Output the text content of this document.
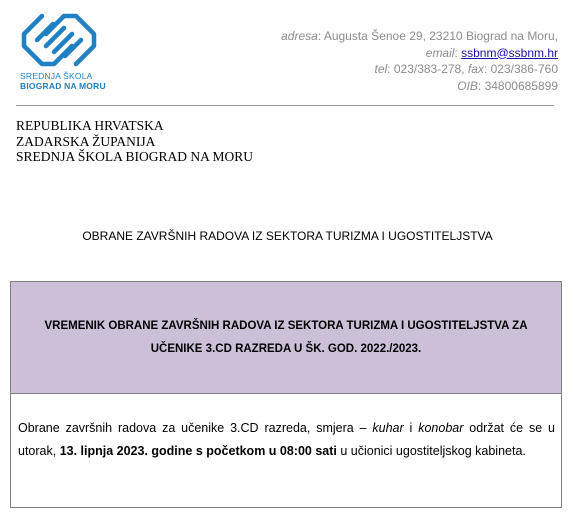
SREDNJA ŠKOLA
BIOGRAD NA MORU
adresa: Augusta Šenoe 29, 23210 Biograd na Moru,
email: ssbnm@ssbnm.hr
tel: 023/383-278, fax: 023/386-760
OIB: 34800685899
REPUBLIKA HRVATSKA
ZADARSKA ŽUPANIJA
SREDNJA ŠKOLA BIOGRAD NA MORU
OBRANE ZAVRŠNIH RADOVA IZ SEKTORA TURIZMA I UGOSTITELJSTVA
VREMENIK OBRANE ZAVRŠNIH RADOVA IZ SEKTORA TURIZMA I UGOSTITELJSTVA ZA UČENIKE 3.CD RAZREDA U ŠK. GOD. 2022./2023.
Obrane završnih radova za učenike 3.CD razreda, smjera – kuhar i konobar održat će se u utorak, 13. lipnja 2023. godine s početkom u 08:00 sati u učionici ugostiteljskog kabineta.
